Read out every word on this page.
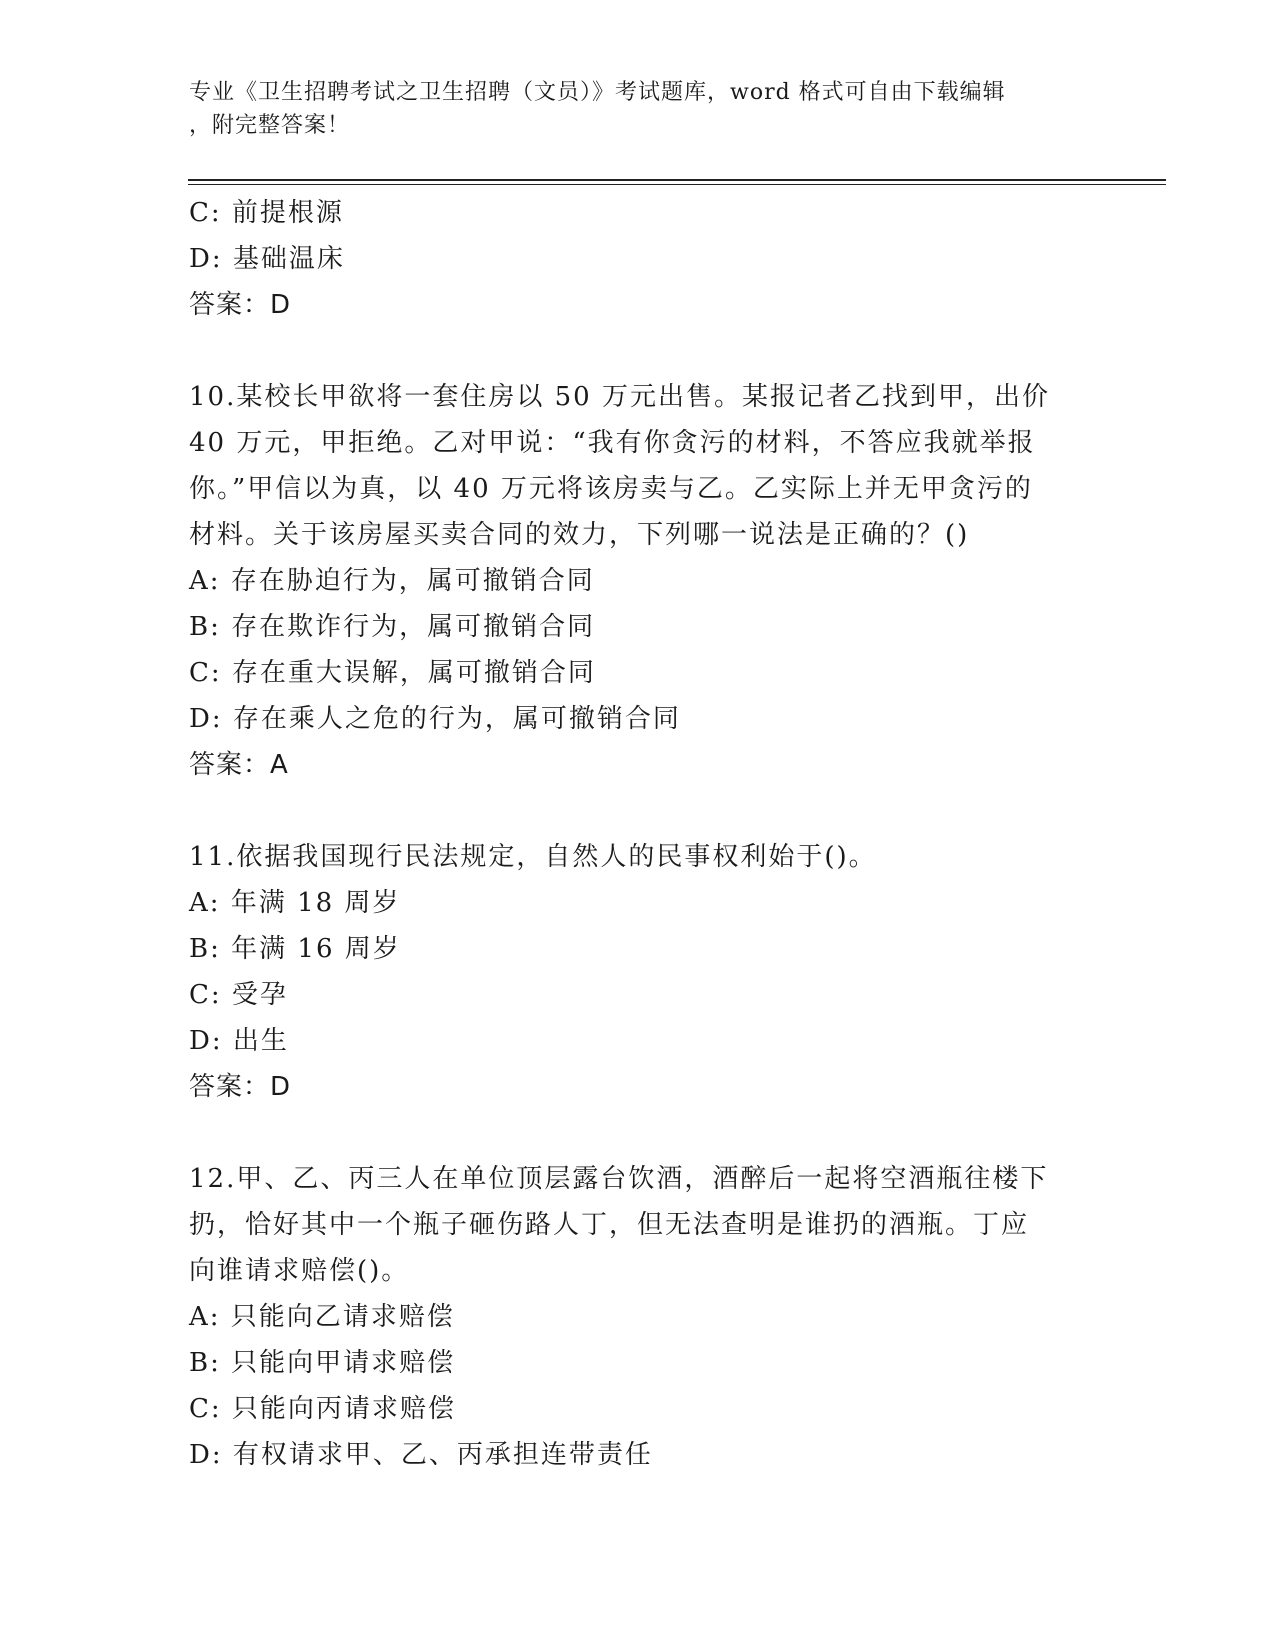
专业《卫生招聘考试之卫生招聘（文员）》考试题库，word 格式可自由下载编辑
，附完整答案！
C: 前提根源
D: 基础温床
答案：D
10.某校长甲欲将一套住房以 50 万元出售。某报记者乙找到甲，出价
40 万元，甲拒绝。乙对甲说：“我有你贪污的材料，不答应我就举报
你。”甲信以为真，以 40 万元将该房卖与乙。乙实际上并无甲贪污的
材料。关于该房屋买卖合同的效力，下列哪一说法是正确的？()
A: 存在胁迫行为，属可撤销合同
B: 存在欺诈行为，属可撤销合同
C: 存在重大误解，属可撤销合同
D: 存在乘人之危的行为，属可撤销合同
答案：A
11.依据我国现行民法规定，自然人的民事权利始于()。
A: 年满 18 周岁
B: 年满 16 周岁
C: 受孕
D: 出生
答案：D
12.甲、乙、丙三人在单位顶层露台饮酒，酒醉后一起将空酒瓶往楼下
扔，恰好其中一个瓶子砸伤路人丁，但无法查明是谁扔的酒瓶。丁应
向谁请求赔偿()。
A: 只能向乙请求赔偿
B: 只能向甲请求赔偿
C: 只能向丙请求赔偿
D: 有权请求甲、乙、丙承担连带责任
